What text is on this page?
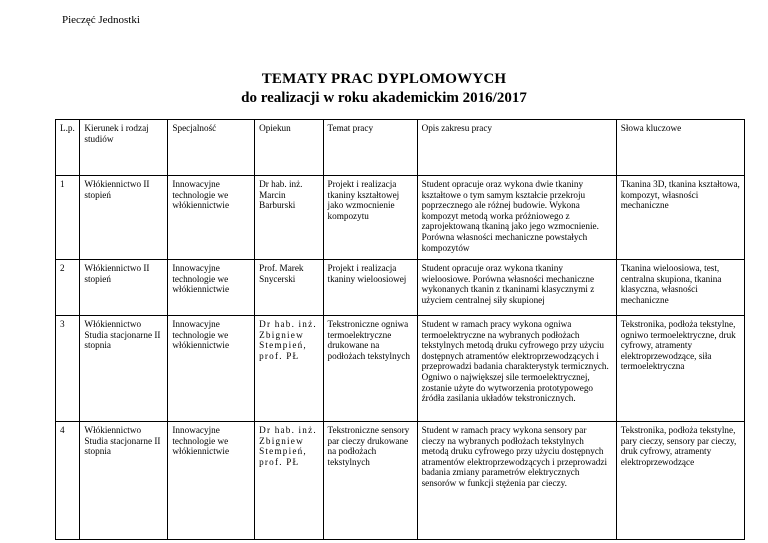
Pieczęć Jednostki
TEMATY PRAC DYPLOMOWYCH
do realizacji w roku akademickim 2016/2017
L.p.	Kierunek i rodzaj studiów	Specjalność	Opiekun	Temat pracy	Opis zakresu pracy	Słowa kluczowe
1	Włókiennictwo II stopień	Innowacyjne technologie we włókiennictwie	Dr hab. inż. Marcin Barburski	Projekt i realizacja tkaniny kształtowej jako wzmocnienie kompozytu	Student opracuje oraz wykona dwie tkaniny kształtowe o tym samym kształcie przekroju poprzecznego ale różnej budowie. Wykona kompozyt metodą worka próżniowego z zaprojektowaną tkaniną jako jego wzmocnienie. Porówna własności mechaniczne powstałych kompozytów	Tkanina 3D, tkanina kształtowa, kompozyt, własności mechaniczne
2	Włókiennictwo II stopień	Innowacyjne technologie we włókiennictwie	Prof. Marek Snycerski	Projekt i realizacja tkaniny wieloosiowej	Student opracuje oraz wykona tkaniny wieloosiowe. Porówna własności mechaniczne wykonanych tkanin z tkaninami klasycznymi z użyciem centralnej siły skupionej	Tkanina wieloosiowa, test, centralna skupiona, tkanina klasyczna, własności mechaniczne
3	Włókiennictwo Studia stacjonarne II stopnia	Innowacyjne technologie we włókiennictwie	Dr hab. inż. Zbigniew Stempień, prof. PŁ	Tekstroniczne ogniwa termoelektryczne drukowane na podłożach tekstylnych	Student w ramach pracy wykona ogniwa termoelektryczne na wybranych podłożach tekstylnych metodą druku cyfrowego przy użyciu dostępnych atramentów elektroprzewodzących i przeprowadzi badania charakterystyk termicznych. Ogniwo o największej sile termoelektrycznej, zostanie użyte do wytworzenia prototypowego źródła zasilania układów tekstronicznych.	Tekstronika, podłoża tekstylne, ogniwo termoelektryczne, druk cyfrowy, atramenty elektroprzewodzące, siła termoelektryczna
4	Włókiennictwo Studia stacjonarne II stopnia	Innowacyjne technologie we włókiennictwie	Dr hab. inż. Zbigniew Stempień, prof. PŁ	Tekstroniczne sensory par cieczy drukowane na podłożach tekstylnych	Student w ramach pracy wykona sensory par cieczy na wybranych podłożach tekstylnych metodą druku cyfrowego przy użyciu dostępnych atramentów elektroprzewodzących i przeprowadzi badania zmiany parametrów elektrycznych sensorów w funkcji stężenia par cieczy.	Tekstronika, podłoża tekstylne, pary cieczy, sensory par cieczy, druk cyfrowy, atramenty elektroprzewodzące
